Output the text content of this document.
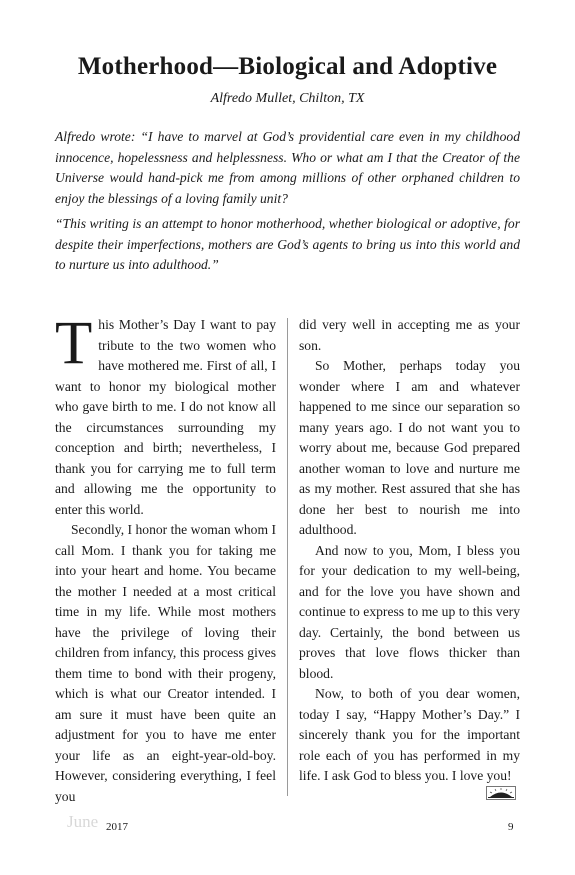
Motherhood—Biological and Adoptive
Alfredo Mullet, Chilton, TX

Alfredo wrote: “I have to marvel at God’s providential care even in my childhood innocence, hopelessness and helplessness. Who or what am I that the Creator of the Universe would hand-pick me from among millions of other orphaned children to enjoy the blessings of a loving family unit?

“This writing is an attempt to honor motherhood, whether biological or adoptive, for despite their imperfections, mothers are God’s agents to bring us into this world and to nurture us into adulthood.”

This Mother’s Day I want to pay tribute to the two women who have mothered me. First of all, I want to honor my biological mother who gave birth to me. I do not know all the circumstances surrounding my conception and birth; nevertheless, I thank you for carrying me to full term and allowing me the opportunity to enter this world.

Secondly, I honor the woman whom I call Mom. I thank you for taking me into your heart and home. You became the mother I needed at a most critical time in my life. While most mothers have the privilege of loving their children from infancy, this process gives them time to bond with their progeny, which is what our Creator intended. I am sure it must have been quite an adjustment for you to have me enter your life as an eight-year-old-boy. However, considering everything, I feel you

did very well in accepting me as your son.

So Mother, perhaps today you wonder where I am and whatever happened to me since our separation so many years ago. I do not want you to worry about me, because God prepared another woman to love and nurture me as my mother. Rest assured that she has done her best to nourish me into adulthood.

And now to you, Mom, I bless you for your dedication to my well-being, and for the love you have shown and continue to express to me up to this very day. Certainly, the bond between us proves that love flows thicker than blood.

Now, to both of you dear women, today I say, “Happy Mother’s Day.” I sincerely thank you for the important role each of you has performed in my life. I ask God to bless you. I love you!

June 2017	9
